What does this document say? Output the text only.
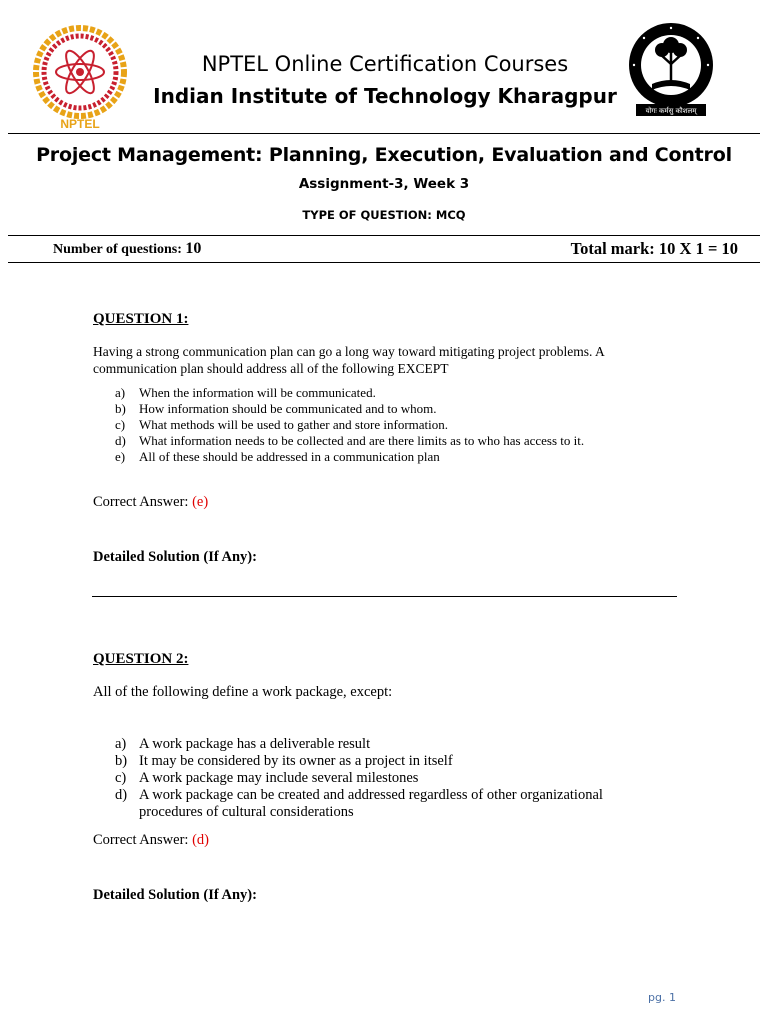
NPTEL
योगः कर्मसु कौशलम्
NPTEL Online Certification Courses
Indian Institute of Technology Kharagpur
Project Management: Planning, Execution, Evaluation and Control
Assignment-3, Week 3
TYPE OF QUESTION: MCQ
Number of questions: 10	Total mark: 10 X 1 = 10
QUESTION 1:
Having a strong communication plan can go a long way toward mitigating project problems. A communication plan should address all of the following EXCEPT
a)	When the information will be communicated.
b)	How information should be communicated and to whom.
c)	What methods will be used to gather and store information.
d)	What information needs to be collected and are there limits as to who has access to it.
e)	All of these should be addressed in a communication plan
Correct Answer: (e)
Detailed Solution (If Any):
QUESTION 2:
All of the following define a work package, except:
a) A work package has a deliverable result
b) It may be considered by its owner as a project in itself
c) A work package may include several milestones
d) A work package can be created and addressed regardless of other organizational procedures of cultural considerations
Correct Answer: (d)
Detailed Solution (If Any):
pg. 1
